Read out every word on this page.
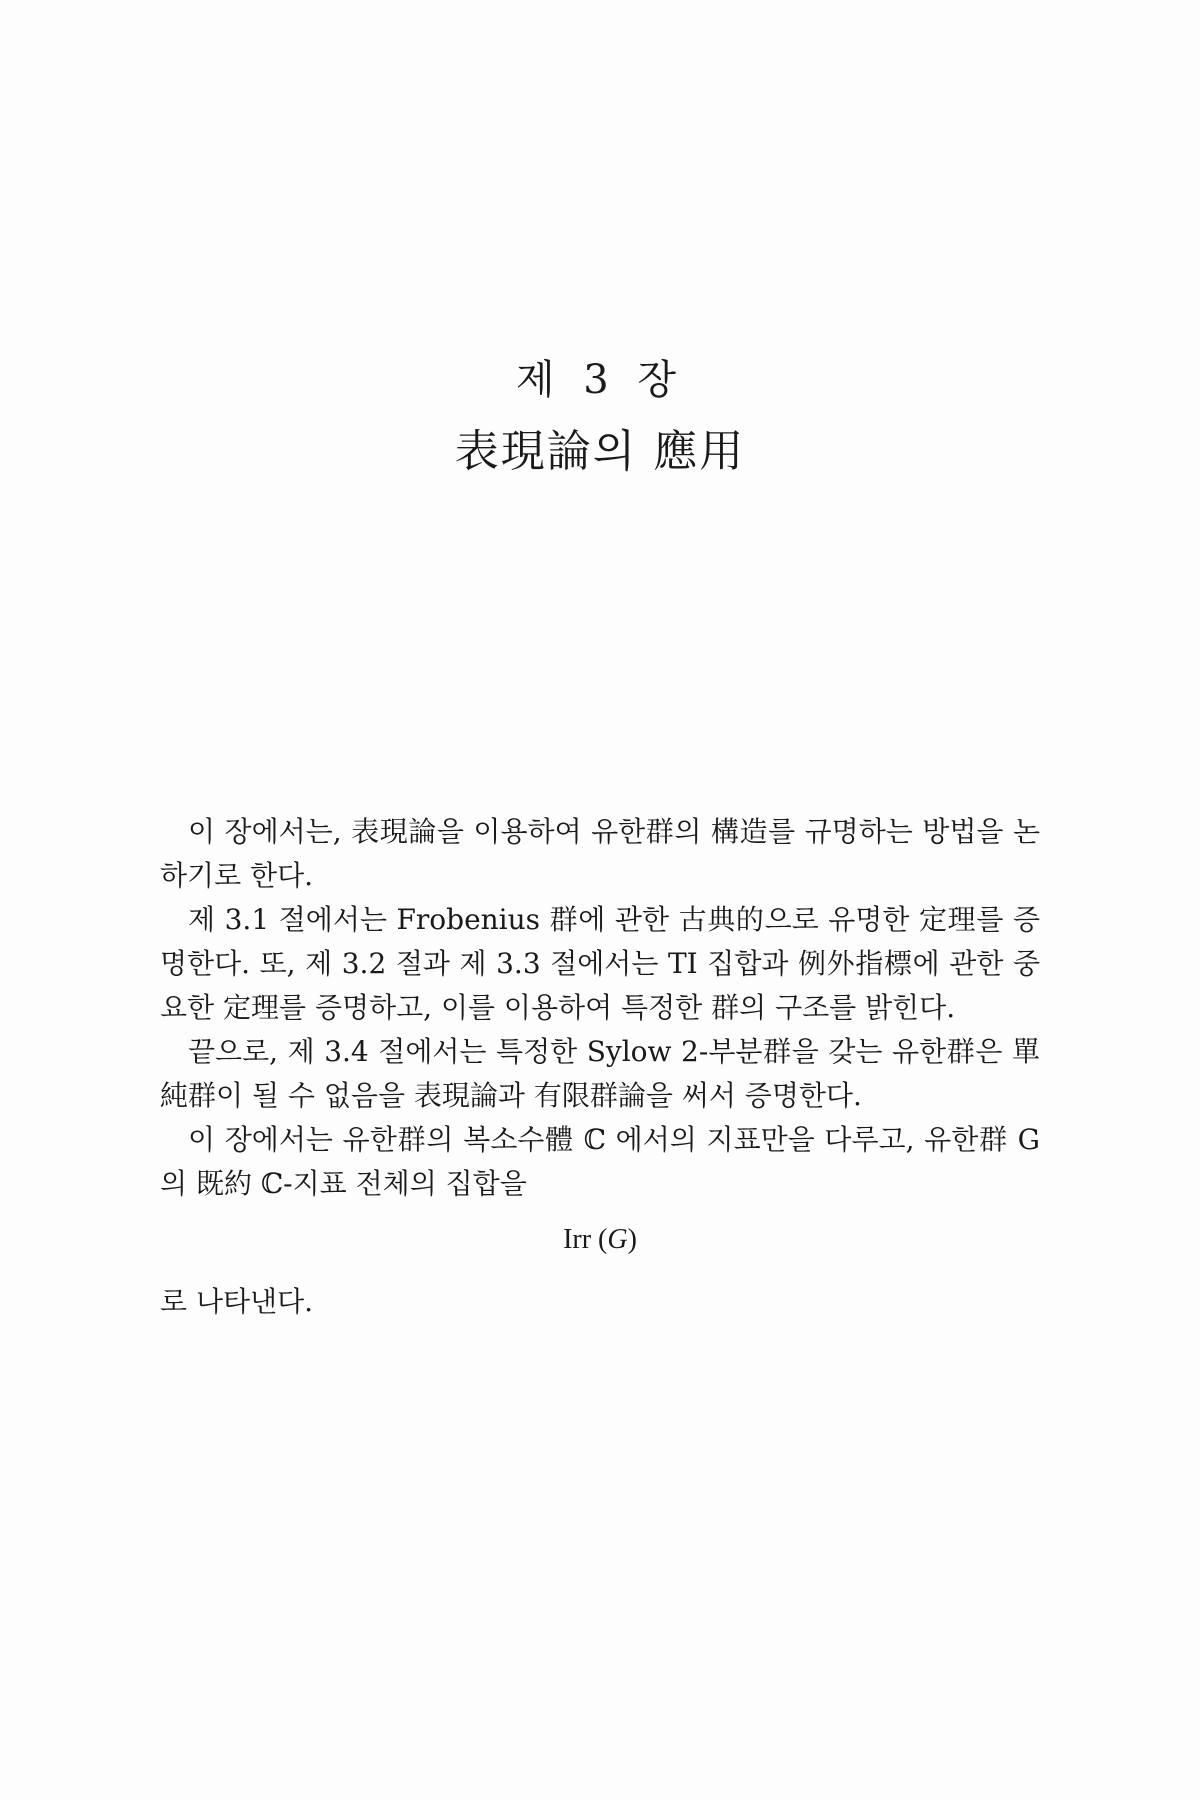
제 3 장
表現論의 應用

이 장에서는, 表現論을 이용하여 유한群의 構造를 규명하는 방법을 논하기로 한다.

제 3.1 절에서는 Frobenius 群에 관한 古典的으로 유명한 定理를 증명한다. 또, 제 3.2 절과 제 3.3 절에서는 TI 집합과 例外指標에 관한 중요한 定理를 증명하고, 이를 이용하여 특정한 群의 구조를 밝힌다.

끝으로, 제 3.4 절에서는 특정한 Sylow 2-부분群을 갖는 유한群은 單純群이 될 수 없음을 表現論과 有限群論을 써서 증명한다.

이 장에서는 유한群의 복소수體 ℂ 에서의 지표만을 다루고, 유한群 G 의 既約 ℂ-지표 전체의 집합을

Irr (G)

로 나타낸다.
